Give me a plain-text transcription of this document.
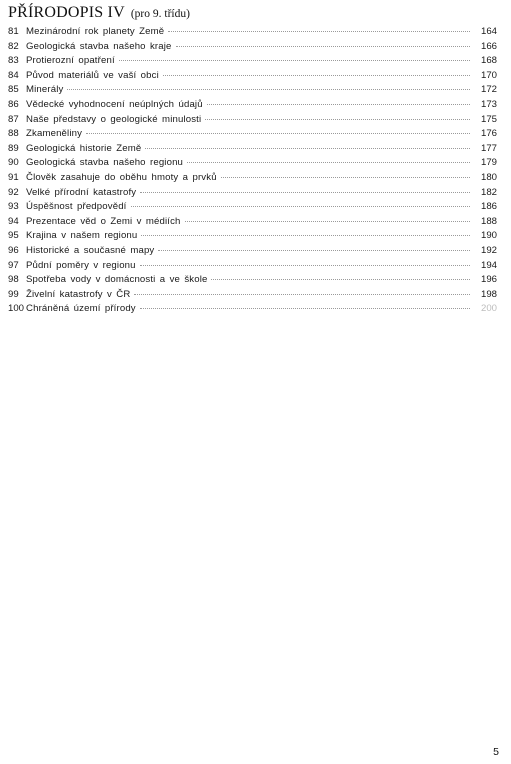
PŘÍRODOPIS IV (pro 9. třídu)
81 Mezinárodní rok planety Země	164
82 Geologická stavba našeho kraje	166
83 Protierozní opatření	168
84 Původ materiálů ve vaší obci	170
85 Minerály	172
86 Vědecké vyhodnocení neúplných údajů	173
87 Naše představy o geologické minulosti	175
88 Zkameněliny	176
89 Geologická historie Země	177
90 Geologická stavba našeho regionu	179
91 Člověk zasahuje do oběhu hmoty a prvků	180
92 Velké přírodní katastrofy	182
93 Úspěšnost předpovědí	186
94 Prezentace věd o Zemi v médiích	188
95 Krajina v našem regionu	190
96 Historické a současné mapy	192
97 Půdní poměry v regionu	194
98 Spotřeba vody v domácnosti a ve škole	196
99 Živelní katastrofy v ČR	198
100 Chráněná území přírody	200
5
